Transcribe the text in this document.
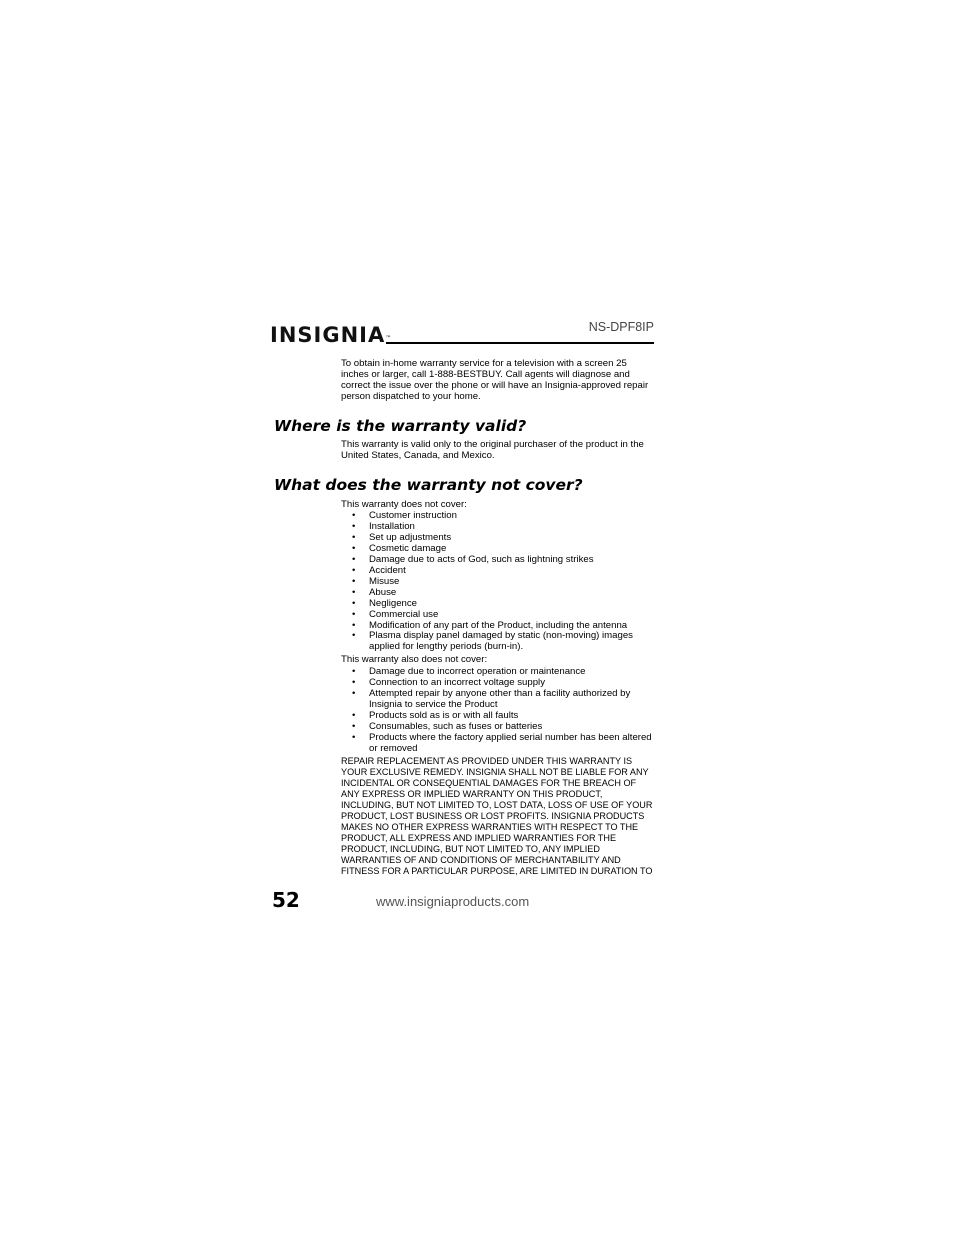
INSIGNIA™
NS-DPF8IP
To obtain in-home warranty service for a television with a screen 25 inches or larger, call 1-888-BESTBUY. Call agents will diagnose and correct the issue over the phone or will have an Insignia-approved repair person dispatched to your home.
Where is the warranty valid?
This warranty is valid only to the original purchaser of the product in the United States, Canada, and Mexico.
What does the warranty not cover?
This warranty does not cover:
• Customer instruction
• Installation
• Set up adjustments
• Cosmetic damage
• Damage due to acts of God, such as lightning strikes
• Accident
• Misuse
• Abuse
• Negligence
• Commercial use
• Modification of any part of the Product, including the antenna
• Plasma display panel damaged by static (non-moving) images applied for lengthy periods (burn-in).
This warranty also does not cover:
• Damage due to incorrect operation or maintenance
• Connection to an incorrect voltage supply
• Attempted repair by anyone other than a facility authorized by Insignia to service the Product
• Products sold as is or with all faults
• Consumables, such as fuses or batteries
• Products where the factory applied serial number has been altered or removed
REPAIR REPLACEMENT AS PROVIDED UNDER THIS WARRANTY IS YOUR EXCLUSIVE REMEDY. INSIGNIA SHALL NOT BE LIABLE FOR ANY INCIDENTAL OR CONSEQUENTIAL DAMAGES FOR THE BREACH OF ANY EXPRESS OR IMPLIED WARRANTY ON THIS PRODUCT, INCLUDING, BUT NOT LIMITED TO, LOST DATA, LOSS OF USE OF YOUR PRODUCT, LOST BUSINESS OR LOST PROFITS. INSIGNIA PRODUCTS MAKES NO OTHER EXPRESS WARRANTIES WITH RESPECT TO THE PRODUCT, ALL EXPRESS AND IMPLIED WARRANTIES FOR THE PRODUCT, INCLUDING, BUT NOT LIMITED TO, ANY IMPLIED WARRANTIES OF AND CONDITIONS OF MERCHANTABILITY AND FITNESS FOR A PARTICULAR PURPOSE, ARE LIMITED IN DURATION TO
52	www.insigniaproducts.com
